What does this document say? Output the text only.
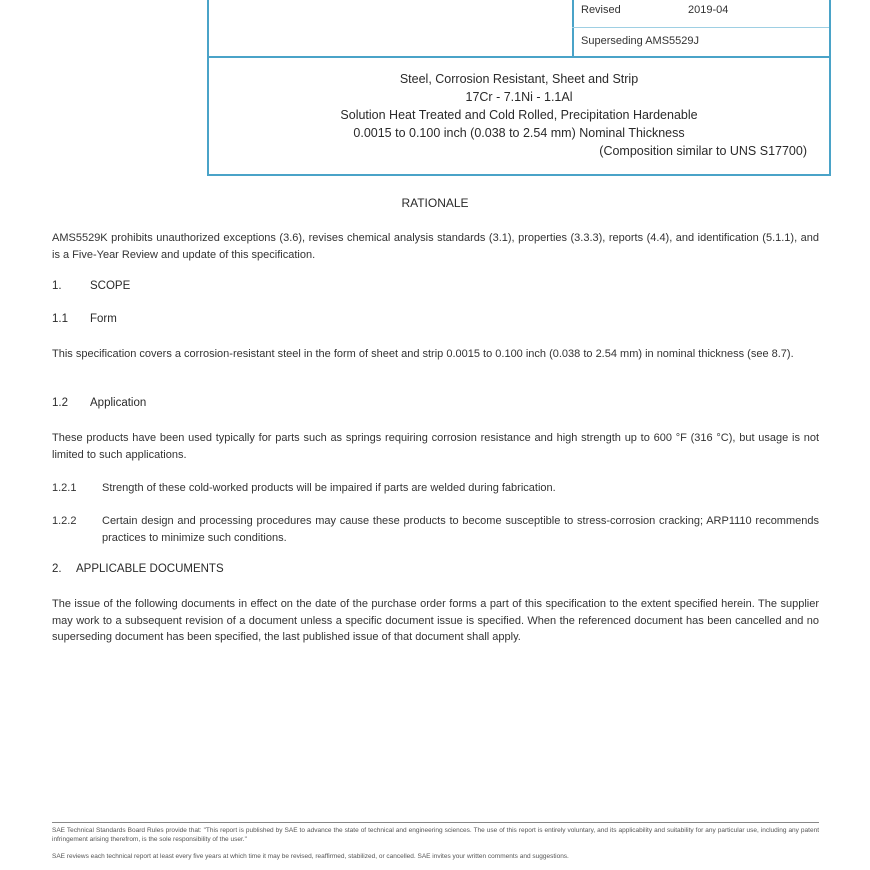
Revised	2019-04
Superseding AMS5529J
Steel, Corrosion Resistant, Sheet and Strip
17Cr - 7.1Ni - 1.1Al
Solution Heat Treated and Cold Rolled, Precipitation Hardenable
0.0015 to 0.100 inch (0.038 to 2.54 mm) Nominal Thickness
(Composition similar to UNS S17700)
RATIONALE
AMS5529K prohibits unauthorized exceptions (3.6), revises chemical analysis standards (3.1), properties (3.3.3), reports (4.4), and identification (5.1.1), and is a Five-Year Review and update of this specification.
1. SCOPE
1.1 Form
This specification covers a corrosion-resistant steel in the form of sheet and strip 0.0015 to 0.100 inch (0.038 to 2.54 mm) in nominal thickness (see 8.7).
1.2 Application
These products have been used typically for parts such as springs requiring corrosion resistance and high strength up to 600 °F (316 °C), but usage is not limited to such applications.
1.2.1 Strength of these cold-worked products will be impaired if parts are welded during fabrication.
1.2.2 Certain design and processing procedures may cause these products to become susceptible to stress-corrosion cracking; ARP1110 recommends practices to minimize such conditions.
2. APPLICABLE DOCUMENTS
The issue of the following documents in effect on the date of the purchase order forms a part of this specification to the extent specified herein. The supplier may work to a subsequent revision of a document unless a specific document issue is specified. When the referenced document has been cancelled and no superseding document has been specified, the last published issue of that document shall apply.
SAE Technical Standards Board Rules provide that: "This report is published by SAE to advance the state of technical and engineering sciences. The use of this report is entirely voluntary, and its applicability and suitability for any particular use, including any patent infringement arising therefrom, is the sole responsibility of the user."
SAE reviews each technical report at least every five years at which time it may be revised, reaffirmed, stabilized, or cancelled. SAE invites your written comments and suggestions.
